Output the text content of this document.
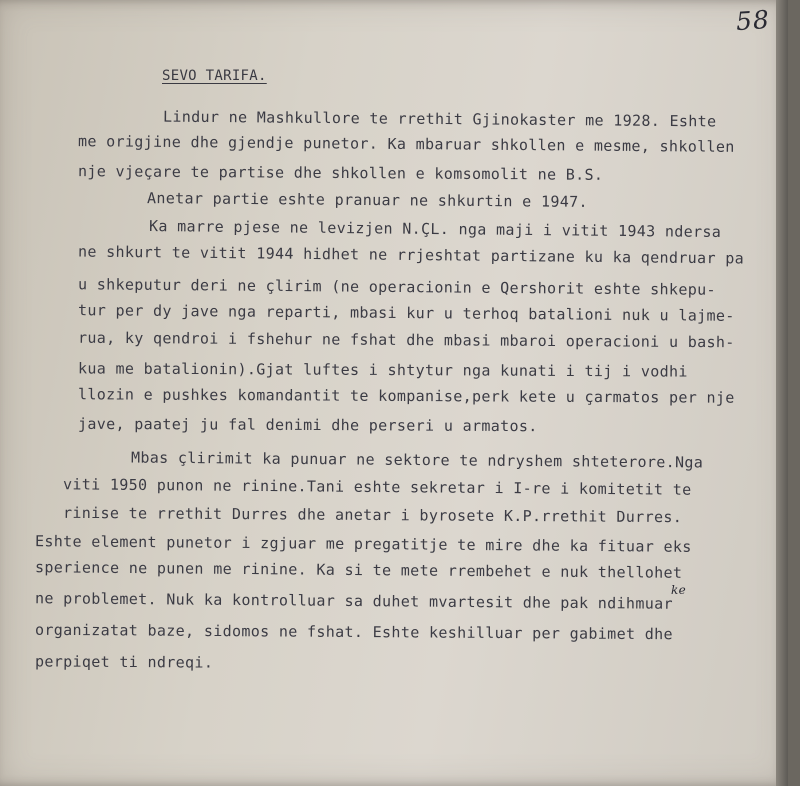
58
SEVO TARIFA.
Lindur ne Mashkullore te rrethit Gjinokaster me 1928. Eshte
me origjine dhe gjendje punetor. Ka mbaruar shkollen e mesme, shkollen
nje vjeçare te partise dhe shkollen e komsomolit ne B.S.
Anetar partie eshte pranuar ne shkurtin e 1947.
Ka marre pjese ne levizjen N.ÇL. nga maji i vitit 1943 ndersa
ne shkurt te vitit 1944 hidhet ne rrjeshtat partizane ku ka qendruar pa
u shkeputur deri ne çlirim (ne operacionin e Qershorit eshte shkepu-
tur per dy jave nga reparti, mbasi kur u terhoq batalioni nuk u lajme-
rua, ky qendroi i fshehur ne fshat dhe mbasi mbaroi operacioni u bash-
kua me batalionin).Gjat luftes i shtytur nga kunati i tij i vodhi
llozin e pushkes komandantit te kompanise,perk kete u çarmatos per nje
jave, paatej ju fal denimi dhe perseri u armatos.
Mbas çlirimit ka punuar ne sektore te ndryshem shteterore.Nga
viti 1950 punon ne rinine.Tani eshte sekretar i I-re i komitetit te
rinise te rrethit Durres dhe anetar i byrosete K.P.rrethit Durres.
Eshte element punetor i zgjuar me pregatitje te mire dhe ka fituar eks
sperience ne punen me rinine. Ka si te mete rrembehet e nuk thellohet
ne problemet. Nuk ka kontrolluar sa duhet mvartesit dhe pak ndihmuar
organizatat baze, sidomos ne fshat. Eshte keshilluar per gabimet dhe
perpiqet ti ndreqi.
ke
